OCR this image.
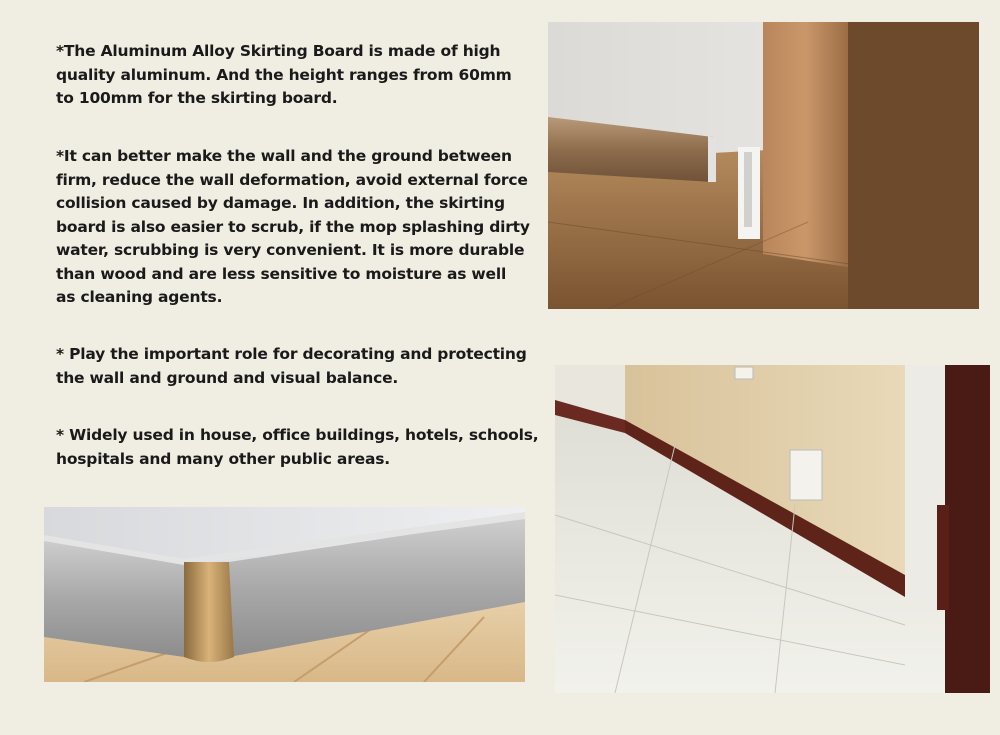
*The Aluminum Alloy Skirting Board is made of high
quality aluminum. And the height ranges from 60mm
to 100mm for the skirting board.

*It can better make the wall and the ground between
firm, reduce the wall deformation, avoid external force
collision caused by damage. In addition, the skirting
board is also easier to scrub, if the mop splashing dirty
water, scrubbing is very convenient. It is more durable
than wood and are less sensitive to moisture as well
as cleaning agents.

* Play the important role for decorating and protecting
the wall and ground and visual balance.

* Widely used in house, office buildings, hotels, schools,
hospitals and many other public areas.
